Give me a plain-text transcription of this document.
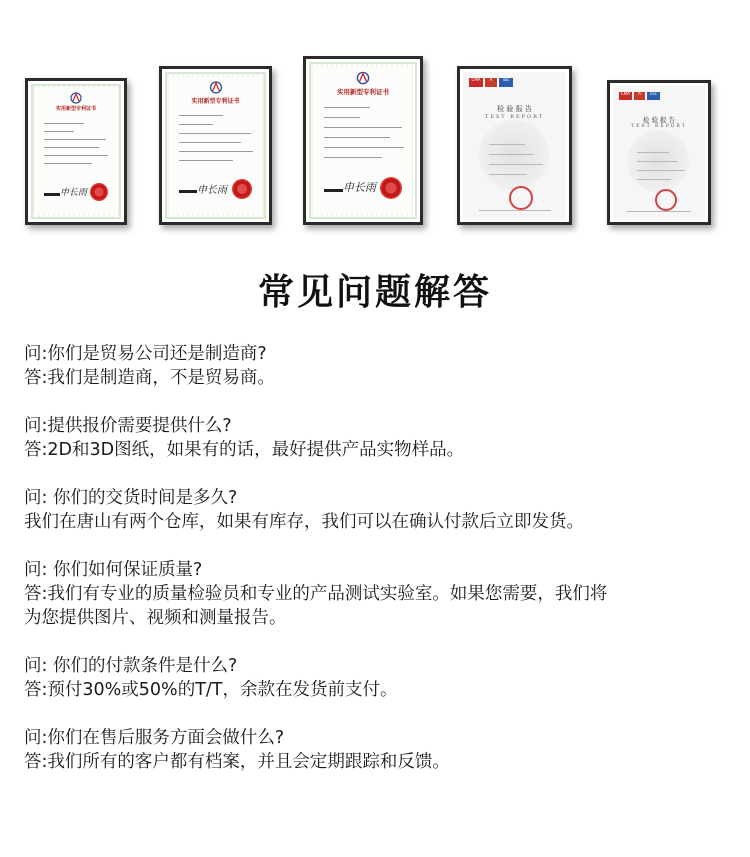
实用新型专利证书
申长雨
实用新型专利证书
申长雨
实用新型专利证书
申长雨
CMA	A	ilac
检 验 报 告
TEST REPORT
CMA	A	ilac
检 验 报 告
TEST REPORT
常见问题解答

问:你们是贸易公司还是制造商?

答:我们是制造商，不是贸易商。

问:提供报价需要提供什么?

答:2D和3D图纸，如果有的话，最好提供产品实物样品。

问: 你们的交货时间是多久?

我们在唐山有两个仓库，如果有库存，我们可以在确认付款后立即发货。

问: 你们如何保证质量?

答:我们有专业的质量检验员和专业的产品测试实验室。如果您需要，我们将

为您提供图片、视频和测量报告。

问: 你们的付款条件是什么?

答:预付30%或50%的T/T，余款在发货前支付。

问:你们在售后服务方面会做什么?

答:我们所有的客户都有档案，并且会定期跟踪和反馈。
